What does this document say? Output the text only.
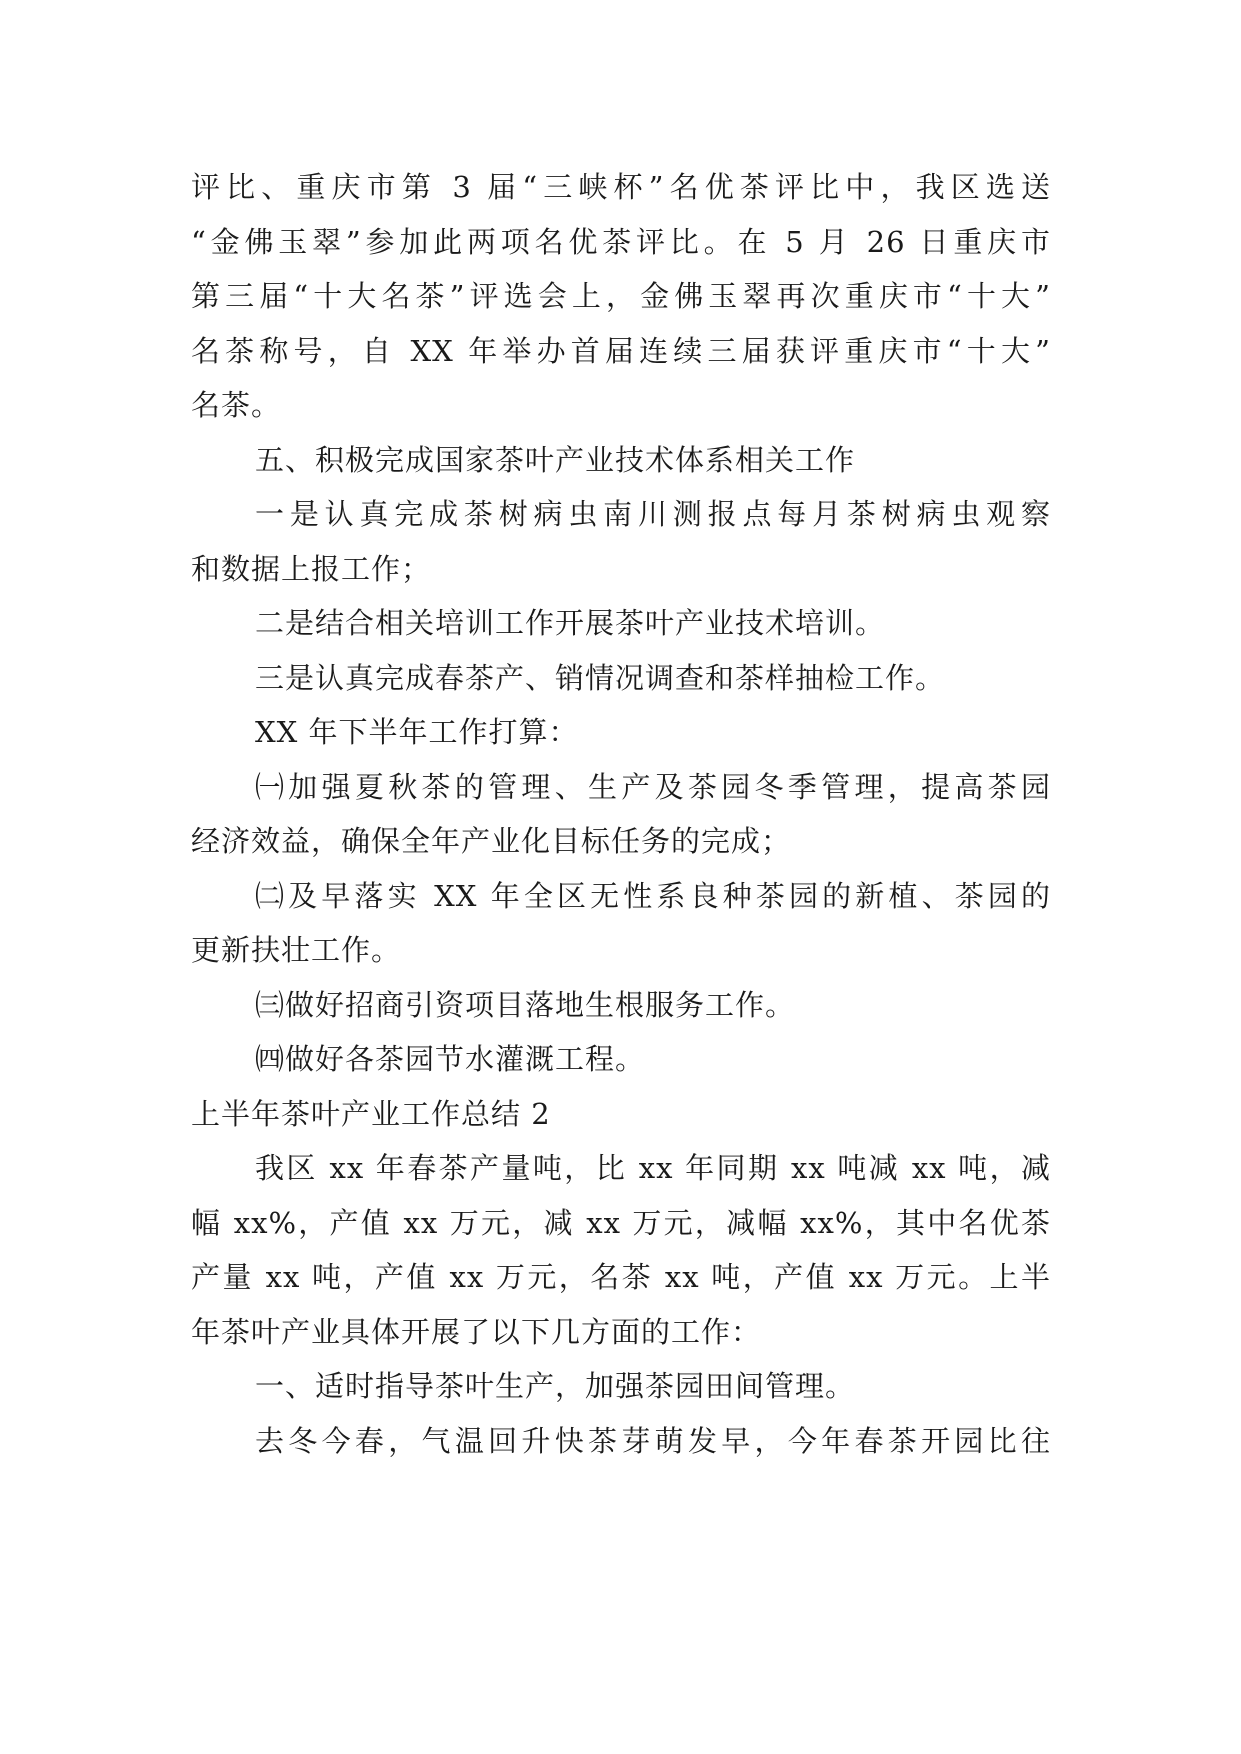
评比、重庆市第 3 届“三峡杯”名优茶评比中，我区选送
“金佛玉翠”参加此两项名优茶评比。在 5 月 26 日重庆市
第三届“十大名茶”评选会上，金佛玉翠再次重庆市“十大”
名茶称号，自 XX 年举办首届连续三届获评重庆市“十大”
名茶。
五、积极完成国家茶叶产业技术体系相关工作
一是认真完成茶树病虫南川测报点每月茶树病虫观察
和数据上报工作；
二是结合相关培训工作开展茶叶产业技术培训。
三是认真完成春茶产、销情况调查和茶样抽检工作。
XX 年下半年工作打算：
㈠加强夏秋茶的管理、生产及茶园冬季管理，提高茶园
经济效益，确保全年产业化目标任务的完成；
㈡及早落实 XX 年全区无性系良种茶园的新植、茶园的
更新扶壮工作。
㈢做好招商引资项目落地生根服务工作。
㈣做好各茶园节水灌溉工程。
上半年茶叶产业工作总结 2
我区 xx 年春茶产量吨，比 xx 年同期 xx 吨减 xx 吨，减
幅 xx%，产值 xx 万元，减 xx 万元，减幅 xx%，其中名优茶
产量 xx 吨，产值 xx 万元，名茶 xx 吨，产值 xx 万元。上半
年茶叶产业具体开展了以下几方面的工作：
一、适时指导茶叶生产，加强茶园田间管理。
去冬今春，气温回升快茶芽萌发早，今年春茶开园比往
